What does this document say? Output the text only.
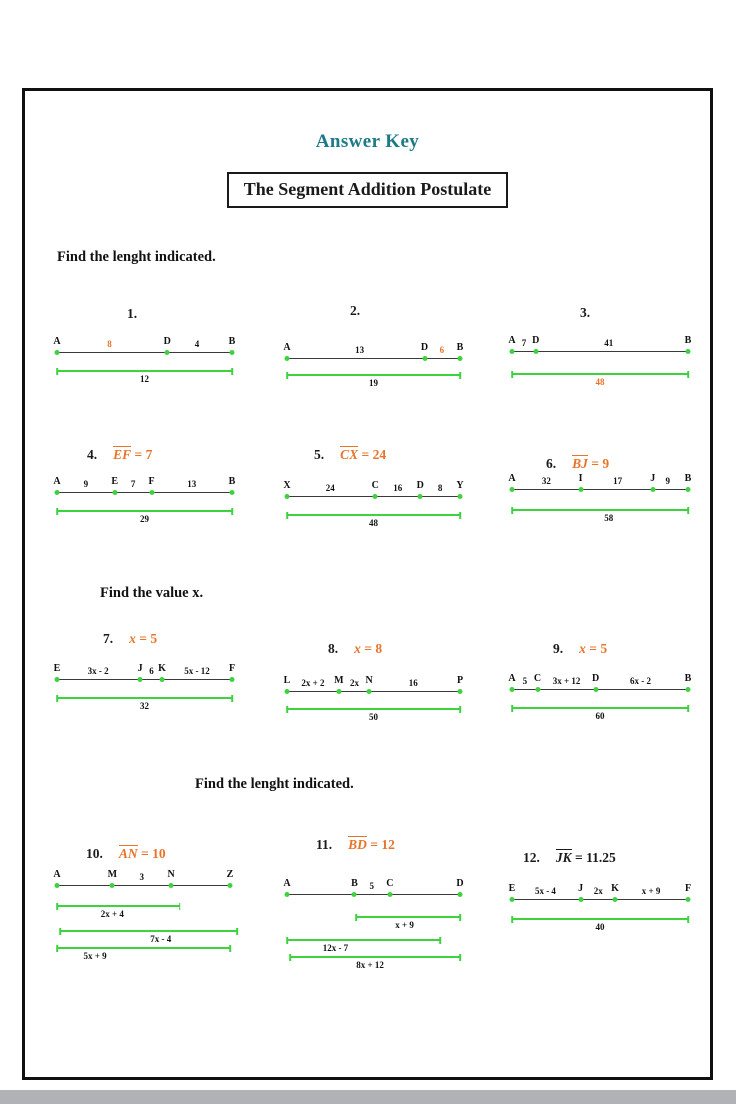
Answer Key
The Segment Addition Postulate
Find the lenght indicated.
Find the value x.
Find the lenght indicated.
1.
A	D	B
8	4
12
2.
A	D	B
13	6
19
3.
A D	B
7	41
48
4. EF = 7
A	E	F	B
9	7	13
29
5. CX = 24
X	C	D	Y
24	16	8
48
6. BJ = 9
A	I	J	B
32	17	9
58
7. x = 5
E	J K	F
3x - 2	6	5x - 12
32
8. x = 8
L	M N	P
2x + 2	2x	16
50
9. x = 5
A C	D	B
5	3x + 12	6x - 2
60
10. AN = 10
A	M	N	Z
3
2x + 4
7x - 4
5x + 9
11. BD = 12
A	B	C	D
5
x + 9
12x - 7
8x + 12
12. JK = 11.25
E	J	K	F
5x - 4	2x	x + 9
40
